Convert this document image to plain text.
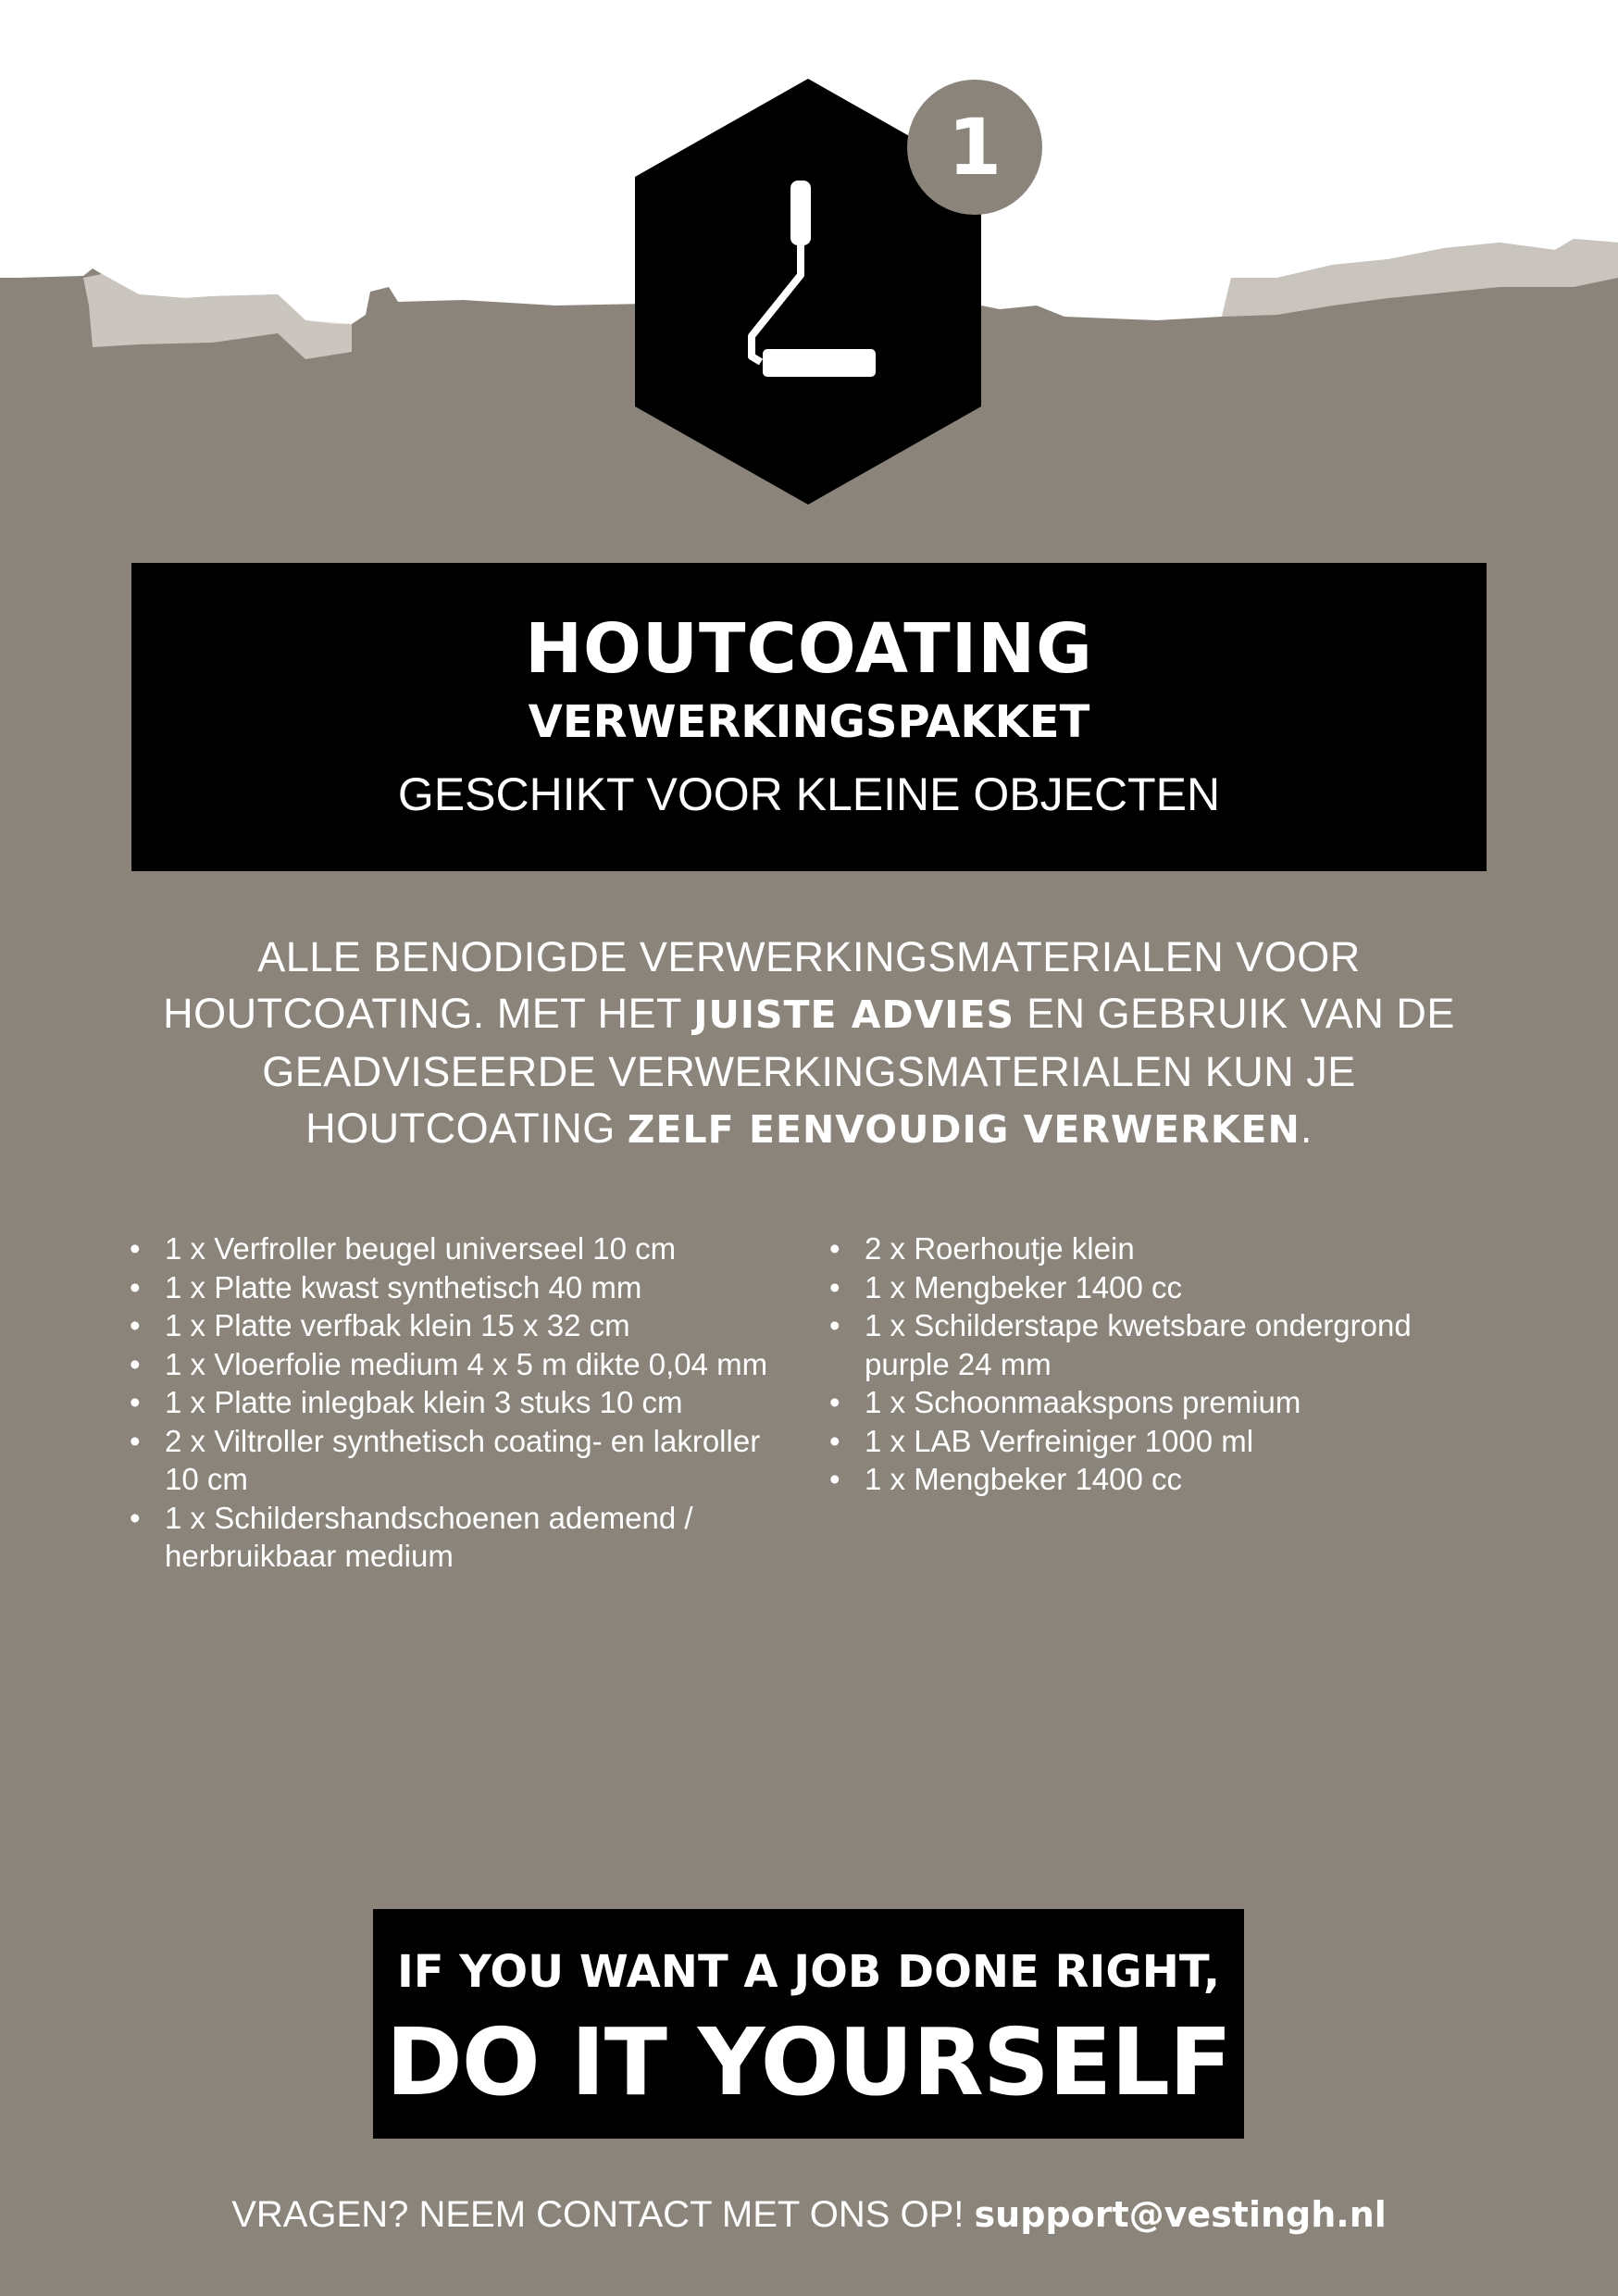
1
HOUTCOATING
VERWERKINGSPAKKET
GESCHIKT VOOR KLEINE OBJECTEN
ALLE BENODIGDE VERWERKINGSMATERIALEN VOOR HOUTCOATING. MET HET JUISTE ADVIES EN GEBRUIK VAN DE GEADVISEERDE VERWERKINGSMATERIALEN KUN JE HOUTCOATING ZELF EENVOUDIG VERWERKEN.
• 1 x Verfroller beugel universeel 10 cm
• 1 x Platte kwast synthetisch 40 mm
• 1 x Platte verfbak klein 15 x 32 cm
• 1 x Vloerfolie medium 4 x 5 m dikte 0,04 mm
• 1 x Platte inlegbak klein 3 stuks 10 cm
• 2 x Viltroller synthetisch coating- en lakroller 10 cm
• 1 x Schildershandschoenen ademend / herbruikbaar medium
• 2 x Roerhoutje klein
• 1 x Mengbeker 1400 cc
• 1 x Schilderstape kwetsbare ondergrond purple 24 mm
• 1 x Schoonmaakspons premium
• 1 x LAB Verfreiniger 1000 ml
• 1 x Mengbeker 1400 cc
IF YOU WANT A JOB DONE RIGHT,
DO IT YOURSELF
VRAGEN? NEEM CONTACT MET ONS OP! support@vestingh.nl
